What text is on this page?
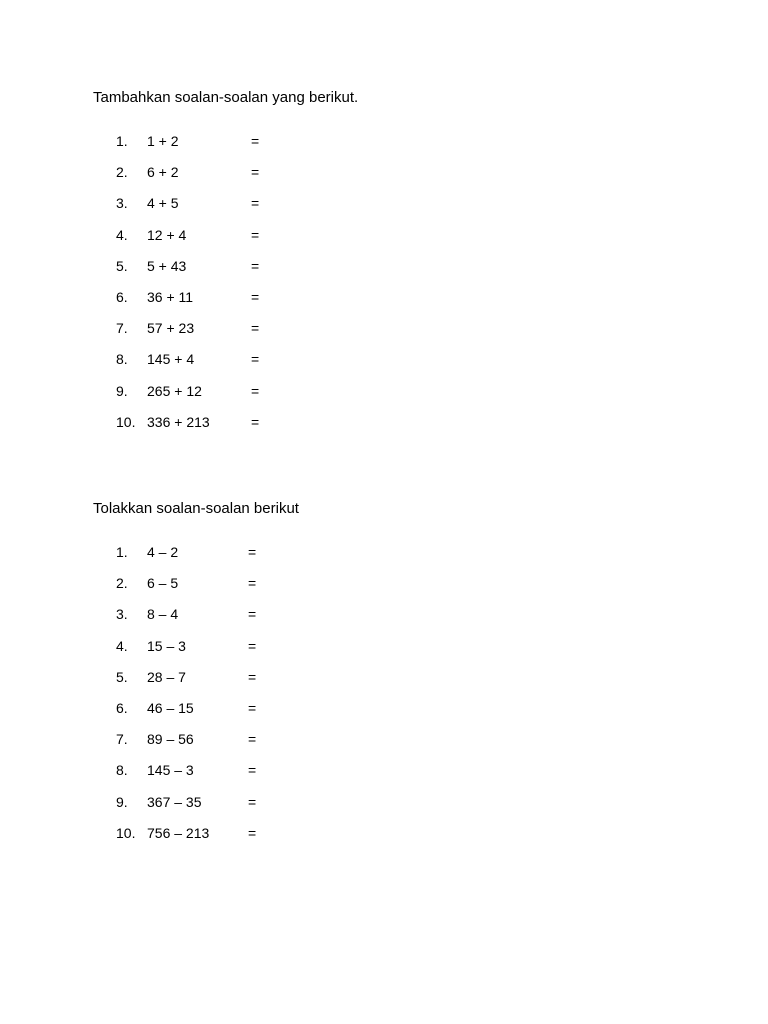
Tambahkan soalan-soalan yang berikut.
1. 1 + 2	=
2. 6 + 2	=
3. 4 + 5	=
4. 12 + 4	=
5. 5 + 43	=
6. 36 + 11	=
7. 57 + 23	=
8. 145 + 4	=
9. 265 + 12	=
10. 336 + 213	=
Tolakkan soalan-soalan berikut
1. 4 – 2	=
2. 6 – 5	=
3. 8 – 4	=
4. 15 – 3	=
5. 28 – 7	=
6. 46 – 15	=
7. 89 – 56	=
8. 145 – 3	=
9. 367 – 35	=
10. 756 – 213	=
